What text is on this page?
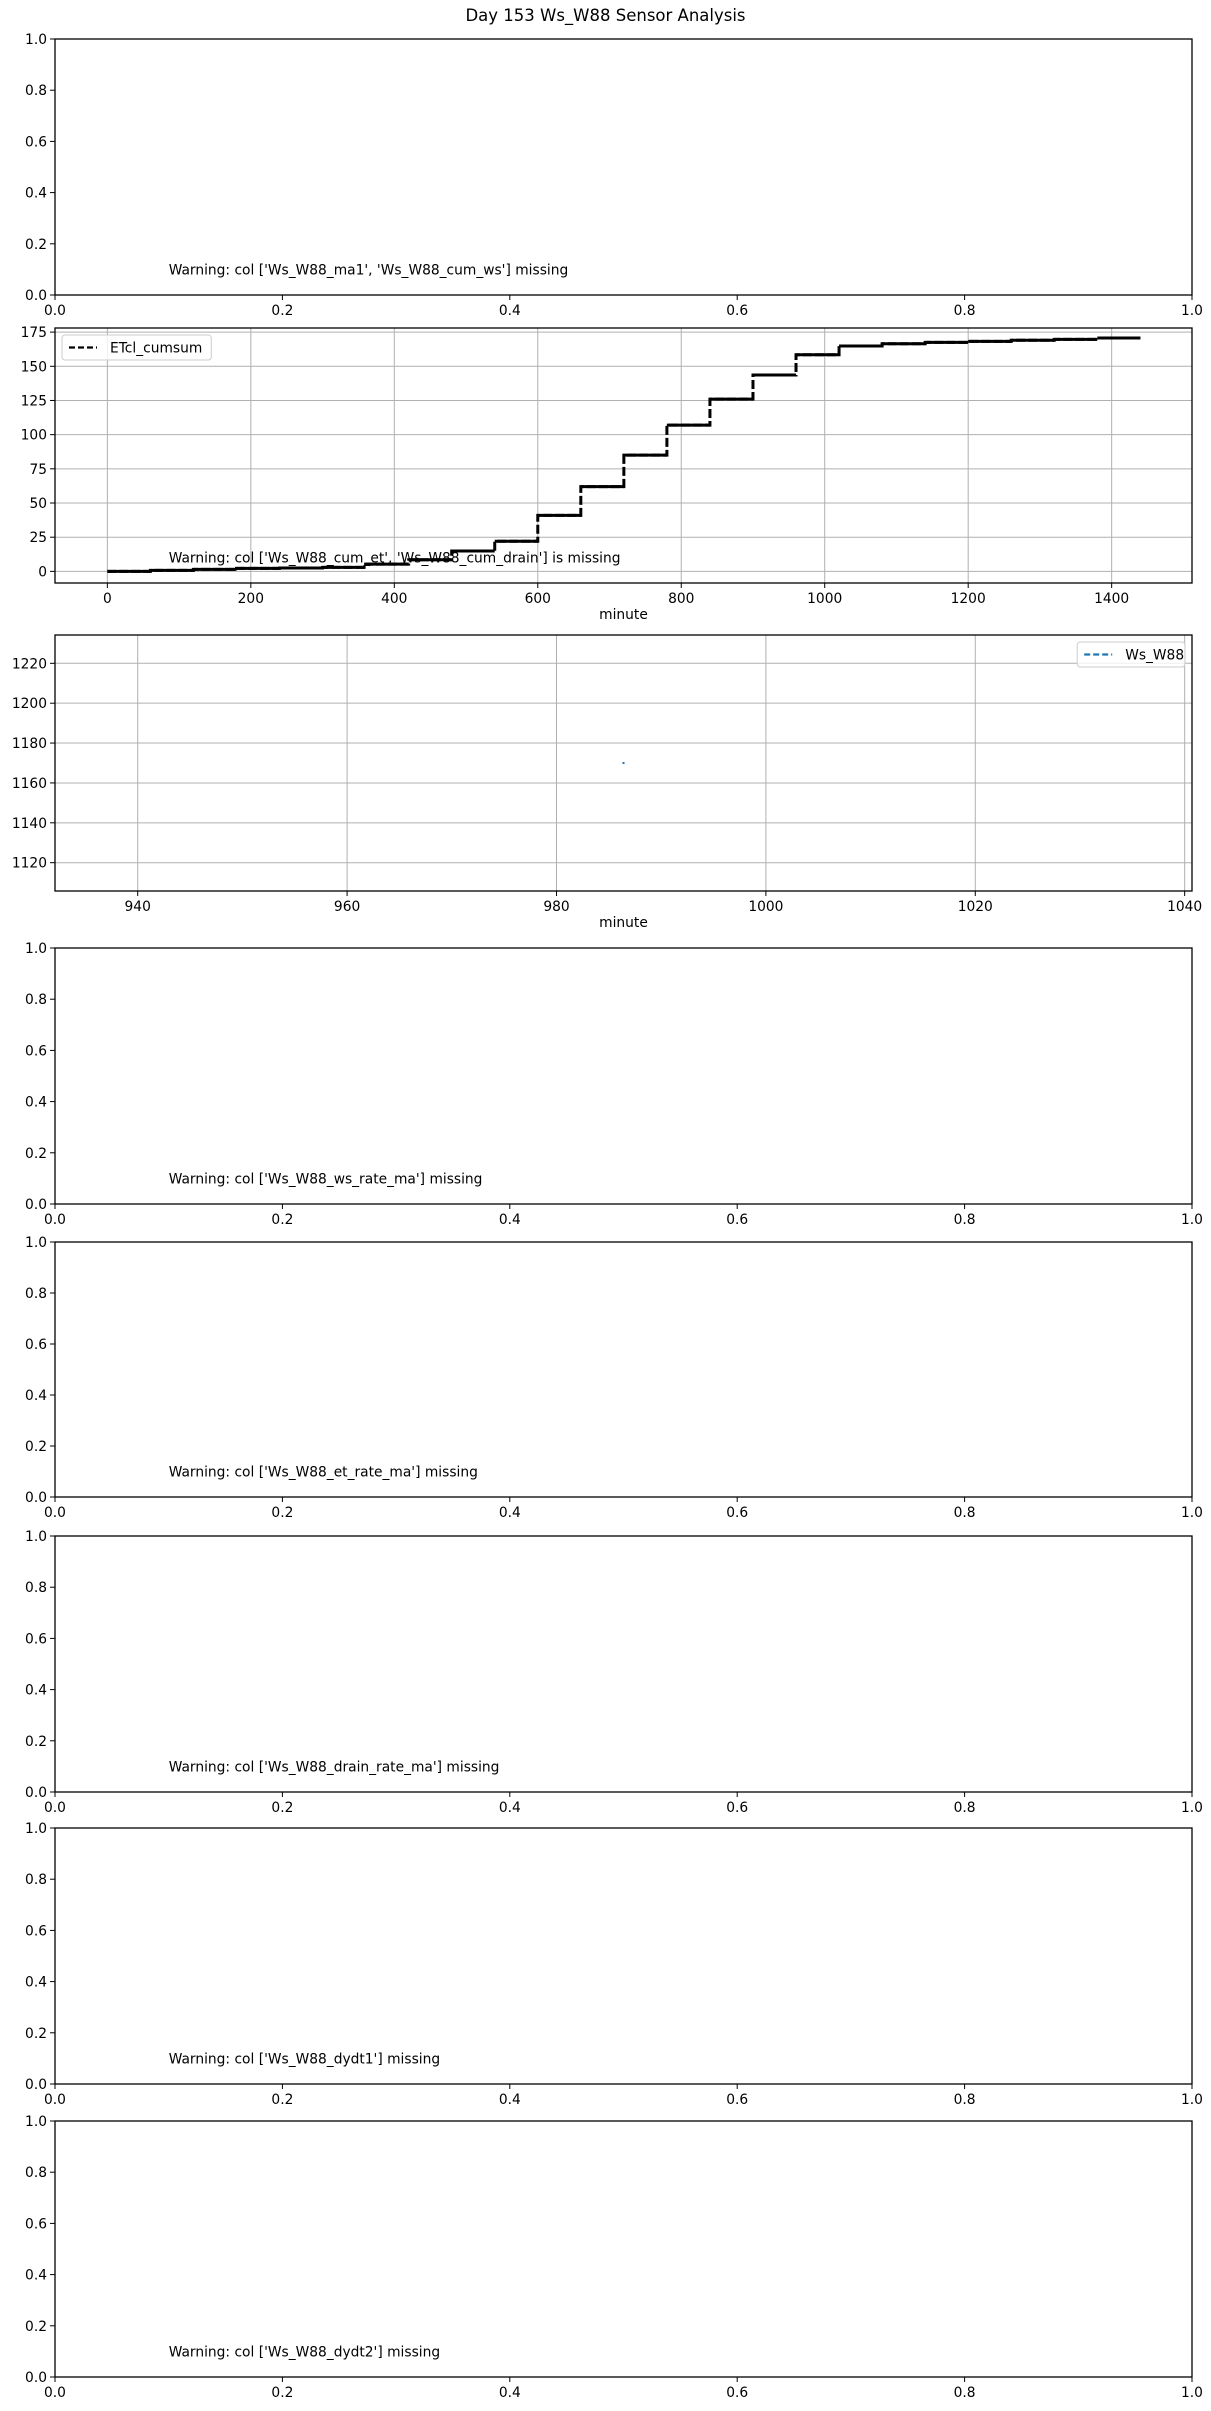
Day 153 Ws_W88 Sensor Analysis
0.0	0.2	0.4	0.6	0.8	1.0
0.0
0.2
0.4
0.6
0.8
1.0
Warning: col ['Ws_W88_ma1', 'Ws_W88_cum_ws'] missing
0	200	400	600	800	1000	1200	1400
0
25
50
75
100
125
150
175
minute
Warning: col ['Ws_W88_cum_et', 'Ws_W88_cum_drain'] is missing
ETcl_cumsum
940	960	980	1000	1020	1040
1120
1140
1160
1180
1200
1220
minute
Ws_W88
0.0	0.2	0.4	0.6	0.8	1.0
0.0
0.2
0.4
0.6
0.8
1.0
Warning: col ['Ws_W88_ws_rate_ma'] missing
0.0	0.2	0.4	0.6	0.8	1.0
0.0
0.2
0.4
0.6
0.8
1.0
Warning: col ['Ws_W88_et_rate_ma'] missing
0.0	0.2	0.4	0.6	0.8	1.0
0.0
0.2
0.4
0.6
0.8
1.0
Warning: col ['Ws_W88_drain_rate_ma'] missing
0.0	0.2	0.4	0.6	0.8	1.0
0.0
0.2
0.4
0.6
0.8
1.0
Warning: col ['Ws_W88_dydt1'] missing
0.0	0.2	0.4	0.6	0.8	1.0
0.0
0.2
0.4
0.6
0.8
1.0
Warning: col ['Ws_W88_dydt2'] missing
